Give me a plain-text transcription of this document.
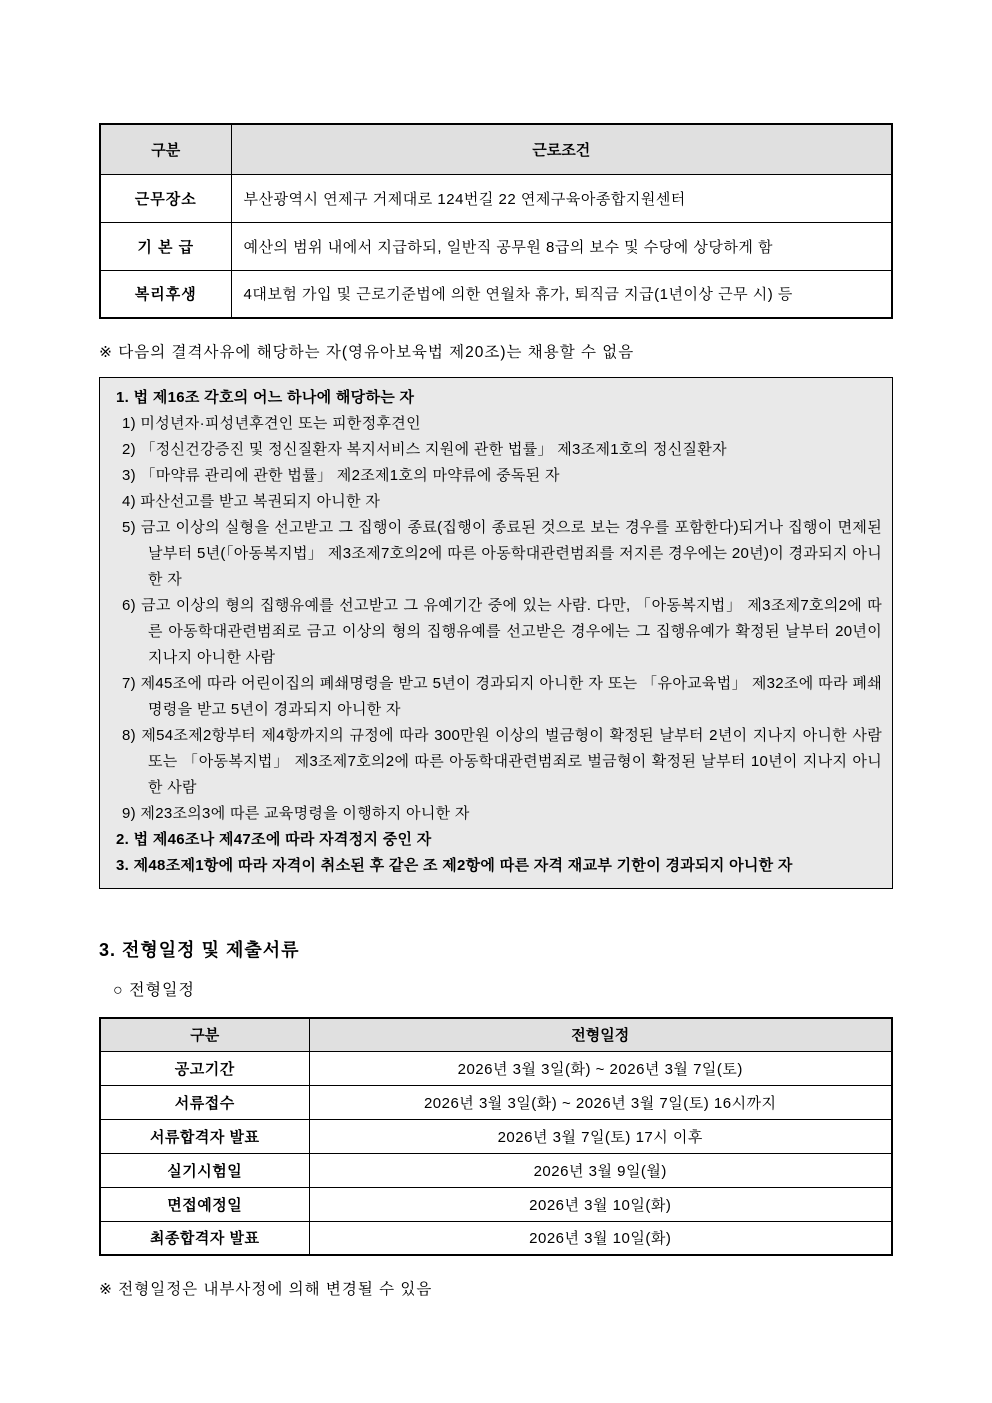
구분	근로조건
근무장소	부산광역시 연제구 거제대로 124번길 22 연제구육아종합지원센터
기 본 급	예산의 범위 내에서 지급하되, 일반직 공무원 8급의 보수 및 수당에 상당하게 함
복리후생	4대보험 가입 및 근로기준법에 의한 연월차 휴가, 퇴직금 지급(1년이상 근무 시) 등
※ 다음의 결격사유에 해당하는 자(영유아보육법 제20조)는 채용할 수 없음
1. 법 제16조 각호의 어느 하나에 해당하는 자
1) 미성년자·피성년후견인 또는 피한정후견인
2) 「정신건강증진 및 정신질환자 복지서비스 지원에 관한 법률」 제3조제1호의 정신질환자
3) 「마약류 관리에 관한 법률」 제2조제1호의 마약류에 중독된 자
4) 파산선고를 받고 복권되지 아니한 자
5) 금고 이상의 실형을 선고받고 그 집행이 종료(집행이 종료된 것으로 보는 경우를 포함한다)되거나 집행이 면제된 날부터 5년(「아동복지법」 제3조제7호의2에 따른 아동학대관련범죄를 저지른 경우에는 20년)이 경과되지 아니한 자
6) 금고 이상의 형의 집행유예를 선고받고 그 유예기간 중에 있는 사람. 다만, 「아동복지법」 제3조제7호의2에 따른 아동학대관련범죄로 금고 이상의 형의 집행유예를 선고받은 경우에는 그 집행유예가 확정된 날부터 20년이 지나지 아니한 사람
7) 제45조에 따라 어린이집의 폐쇄명령을 받고 5년이 경과되지 아니한 자 또는 「유아교육법」 제32조에 따라 폐쇄명령을 받고 5년이 경과되지 아니한 자
8) 제54조제2항부터 제4항까지의 규정에 따라 300만원 이상의 벌금형이 확정된 날부터 2년이 지나지 아니한 사람 또는 「아동복지법」 제3조제7호의2에 따른 아동학대관련범죄로 벌금형이 확정된 날부터 10년이 지나지 아니한 사람
9) 제23조의3에 따른 교육명령을 이행하지 아니한 자
2. 법 제46조나 제47조에 따라 자격정지 중인 자
3. 제48조제1항에 따라 자격이 취소된 후 같은 조 제2항에 따른 자격 재교부 기한이 경과되지 아니한 자
3. 전형일정 및 제출서류
○ 전형일정
구분	전형일정
공고기간	2026년 3월 3일(화) ~ 2026년 3월 7일(토)
서류접수	2026년 3월 3일(화) ~ 2026년 3월 7일(토) 16시까지
서류합격자 발표	2026년 3월 7일(토) 17시 이후
실기시험일	2026년 3월 9일(월)
면접예정일	2026년 3월 10일(화)
최종합격자 발표	2026년 3월 10일(화)
※ 전형일정은 내부사정에 의해 변경될 수 있음
